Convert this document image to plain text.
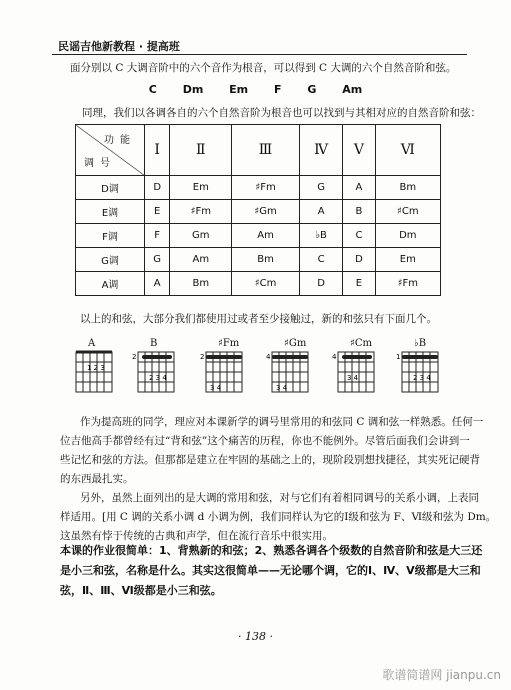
民谣吉他新教程 · 提高班
面分别以 C 大调音阶中的六个音作为根音，可以得到 C 大调的六个自然音阶和弦。
C Dm Em F G Am
同理，我们以各调各自的六个自然音阶为根音也可以找到与其相对应的自然音阶和弦：
功能
调号	Ⅰ	Ⅱ	Ⅲ	Ⅳ	Ⅴ	Ⅵ
D调	D	Em	♯Fm	G	A	Bm
E调	E	♯Fm	♯Gm	A	B	♯Cm
F调	F	Gm	Am	♭B	C	Dm
G调	G	Am	Bm	C	D	Em
A调	A	Bm	♯Cm	D	E	♯Fm
以上的和弦，大部分我们都使用过或者至少接触过，新的和弦只有下面几个。
A
1 2 3
B
2
2 3 4
♯Fm
2
3 4
♯Gm
4
3 4
♯Cm
4
3 4
♭B
1
2 3 4
作为提高班的同学，理应对本课新学的调号里常用的和弦同 C 调和弦一样熟悉。任何一
位吉他高手都曾经有过“背和弦”这个痛苦的历程，你也不能例外。尽管后面我们会讲到一
些记忆和弦的方法。但那都是建立在牢固的基础之上的，现阶段别想找捷径，其实死记硬背
的东西最扎实。
另外，虽然上面列出的是大调的常用和弦，对与它们有着相同调号的关系小调，上表同
样适用。[用 C 调的关系小调 d 小调为例，我们同样认为它的Ⅰ级和弦为 F、Ⅵ级和弦为 Dm。
这虽然有悖于传统的古典和声学，但在流行音乐中很实用。
本课的作业很简单：1、背熟新的和弦；2、熟悉各调各个级数的自然音阶和弦是大三还
是小三和弦，名称是什么。其实这很简单——无论哪个调，它的Ⅰ、Ⅳ、Ⅴ级都是大三和
弦，Ⅱ、Ⅲ、Ⅵ级都是小三和弦。
· 138 ·
歌谱简谱网 jianpu.cn
